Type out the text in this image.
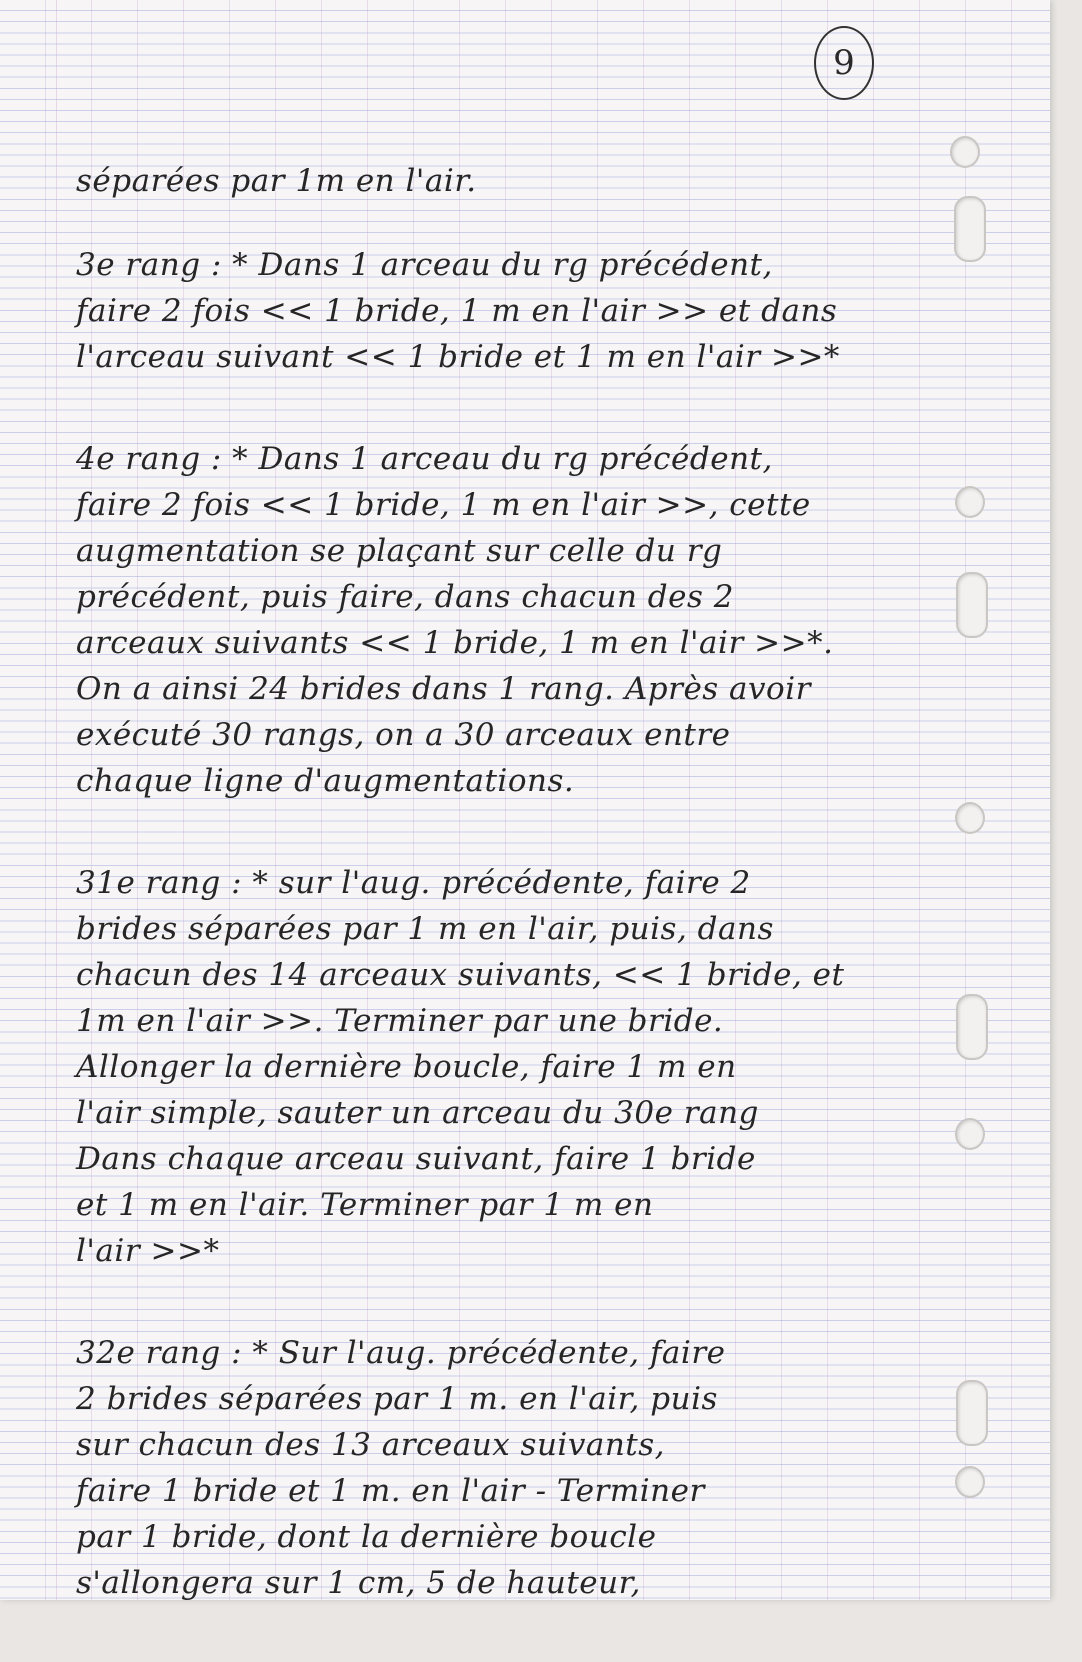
9
séparées par 1m en l'air.
3e rang : * Dans 1 arceau du rg précédent,
faire 2 fois << 1 bride, 1 m en l'air >> et dans
l'arceau suivant << 1 bride et 1 m en l'air >>*
4e rang : * Dans 1 arceau du rg précédent,
faire 2 fois << 1 bride, 1 m en l'air >>, cette
augmentation se plaçant sur celle du rg
précédent, puis faire, dans chacun des 2
arceaux suivants << 1 bride, 1 m en l'air >>*.
On a ainsi 24 brides dans 1 rang. Après avoir
exécuté 30 rangs, on a 30 arceaux entre
chaque ligne d'augmentations.
31e rang : * sur l'aug. précédente, faire 2
brides séparées par 1 m en l'air, puis, dans
chacun des 14 arceaux suivants, << 1 bride, et
1m en l'air >>. Terminer par une bride.
Allonger la dernière boucle, faire 1 m en
l'air simple, sauter un arceau du 30e rang
Dans chaque arceau suivant, faire 1 bride
et 1 m en l'air. Terminer par 1 m en
l'air >>*
32e rang : * Sur l'aug. précédente, faire
2 brides séparées par 1 m. en l'air, puis
sur chacun des 13 arceaux suivants,
faire 1 bride et 1 m. en l'air - Terminer
par 1 bride, dont la dernière boucle
s'allongera sur 1 cm, 5 de hauteur,
